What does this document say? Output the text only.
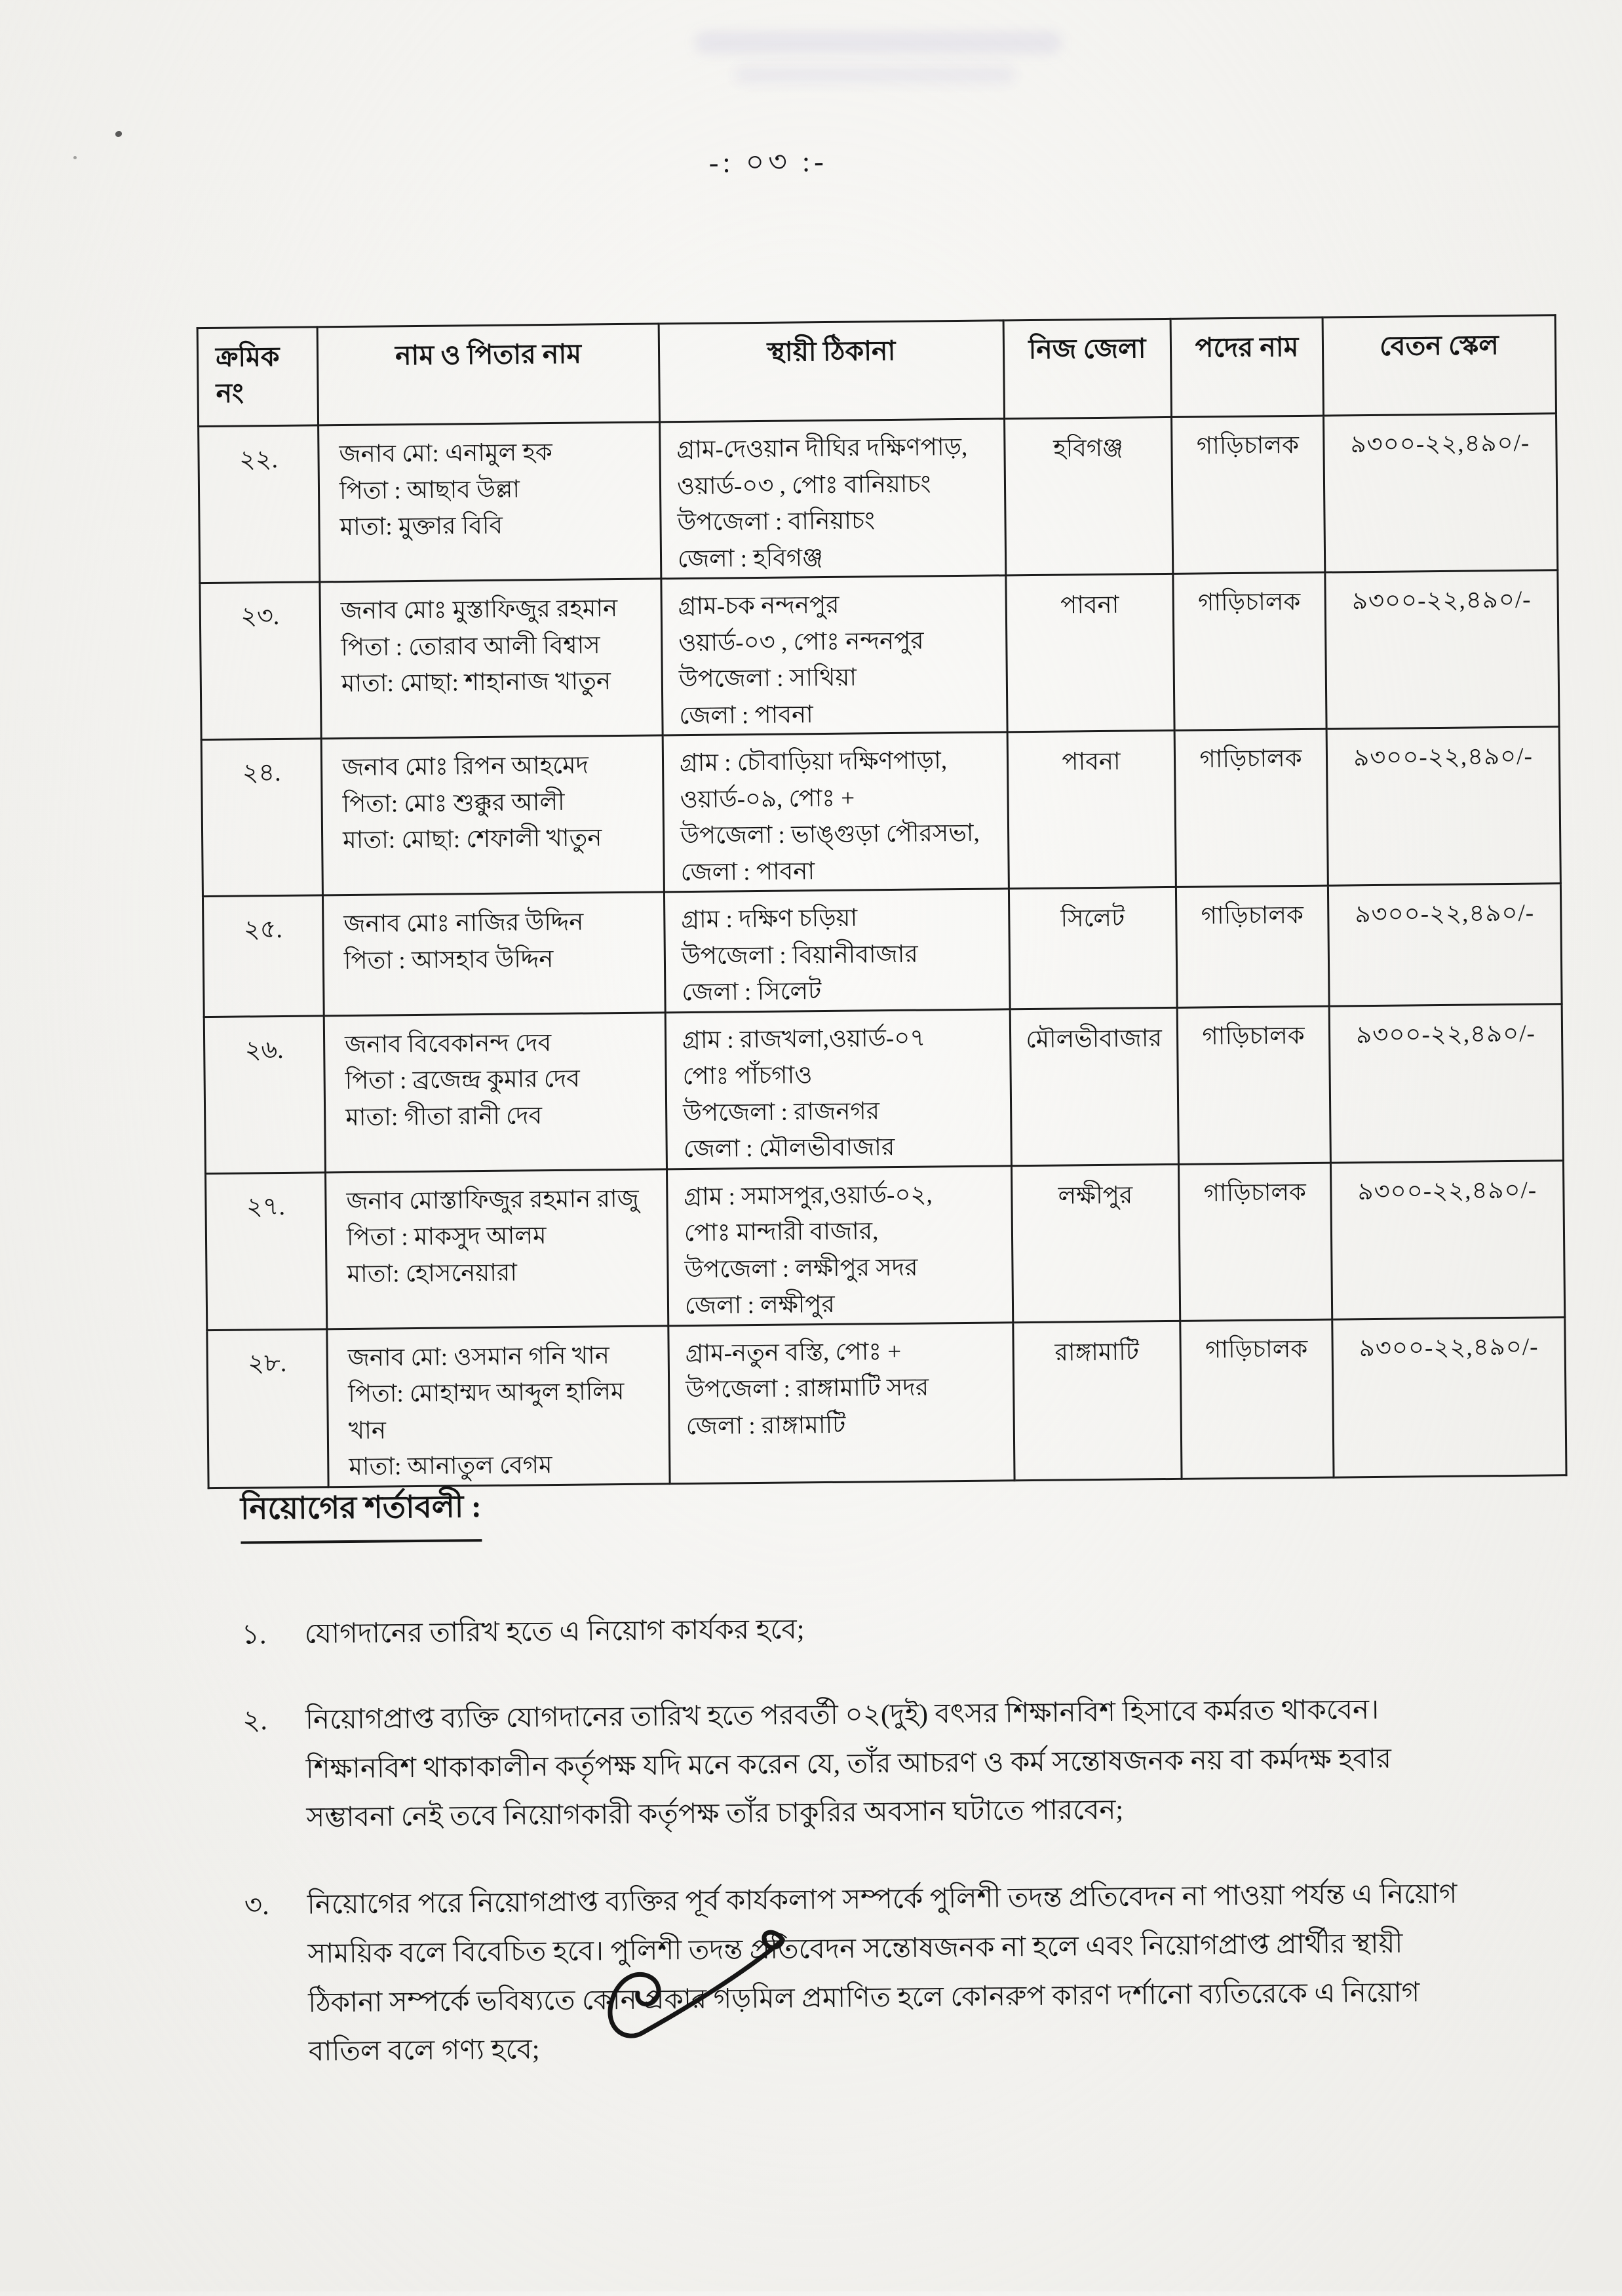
-: ০৩ :-
ক্রমিক
নং	নাম ও পিতার নাম	স্থায়ী ঠিকানা	নিজ জেলা	পদের নাম	বেতন স্কেল
২২.	জনাব মো: এনামুল হক
পিতা : আছাব উল্লা
মাতা: মুক্তার বিবি	গ্রাম-দেওয়ান দীঘির দক্ষিণপাড়,
ওয়ার্ড-০৩ , পোঃ বানিয়াচং
উপজেলা : বানিয়াচং
জেলা : হবিগঞ্জ	হবিগঞ্জ	গাড়িচালক	৯৩০০-২২,৪৯০/-
২৩.	জনাব মোঃ মুস্তাফিজুর রহমান
পিতা : তোরাব আলী বিশ্বাস
মাতা: মোছা: শাহানাজ খাতুন	গ্রাম-চক নন্দনপুর
ওয়ার্ড-০৩ , পোঃ নন্দনপুর
উপজেলা : সাথিয়া
জেলা : পাবনা	পাবনা	গাড়িচালক	৯৩০০-২২,৪৯০/-
২৪.	জনাব মোঃ রিপন আহমেদ
পিতা: মোঃ শুক্কুর আলী
মাতা: মোছা: শেফালী খাতুন	গ্রাম : চৌবাড়িয়া দক্ষিণপাড়া,
ওয়ার্ড-০৯, পোঃ +
উপজেলা : ভাঙ্গুড়া পৌরসভা,
জেলা : পাবনা	পাবনা	গাড়িচালক	৯৩০০-২২,৪৯০/-
২৫.	জনাব মোঃ নাজির উদ্দিন
পিতা : আসহাব উদ্দিন	গ্রাম : দক্ষিণ চড়িয়া
উপজেলা : বিয়ানীবাজার
জেলা : সিলেট	সিলেট	গাড়িচালক	৯৩০০-২২,৪৯০/-
২৬.	জনাব বিবেকানন্দ দেব
পিতা : ব্রজেন্দ্র কুমার দেব
মাতা: গীতা রানী দেব	গ্রাম : রাজখলা,ওয়ার্ড-০৭
পোঃ পাঁচগাও
উপজেলা : রাজনগর
জেলা : মৌলভীবাজার	মৌলভীবাজার	গাড়িচালক	৯৩০০-২২,৪৯০/-
২৭.	জনাব মোস্তাফিজুর রহমান রাজু
পিতা : মাকসুদ আলম
মাতা: হোসনেয়ারা	গ্রাম : সমাসপুর,ওয়ার্ড-০২,
পোঃ মান্দারী বাজার,
উপজেলা : লক্ষীপুর সদর
জেলা : লক্ষীপুর	লক্ষীপুর	গাড়িচালক	৯৩০০-২২,৪৯০/-
২৮.	জনাব মো: ওসমান গনি খান
পিতা: মোহাম্মদ আব্দুল হালিম
খান
মাতা: আনাতুল বেগম	গ্রাম-নতুন বস্তি, পোঃ +
উপজেলা : রাঙ্গামাটি সদর
জেলা : রাঙ্গামাটি	রাঙ্গামাটি	গাড়িচালক	৯৩০০-২২,৪৯০/-
নিয়োগের শর্তাবলী :
১.	যোগদানের তারিখ হতে এ নিয়োগ কার্যকর হবে;
২.	নিয়োগপ্রাপ্ত ব্যক্তি যোগদানের তারিখ হতে পরবর্তী ০২(দুই) বৎসর শিক্ষানবিশ হিসাবে কর্মরত থাকবেন।
শিক্ষানবিশ থাকাকালীন কর্তৃপক্ষ যদি মনে করেন যে, তাঁর আচরণ ও কর্ম সন্তোষজনক নয় বা কর্মদক্ষ হবার
সম্ভাবনা নেই তবে নিয়োগকারী কর্তৃপক্ষ তাঁর চাকুরির অবসান ঘটাতে পারবেন;
৩.	নিয়োগের পরে নিয়োগপ্রাপ্ত ব্যক্তির পূর্ব কার্যকলাপ সম্পর্কে পুলিশী তদন্ত প্রতিবেদন না পাওয়া পর্যন্ত এ নিয়োগ
সাময়িক বলে বিবেচিত হবে। পুলিশী তদন্ত প্রতিবেদন সন্তোষজনক না হলে এবং নিয়োগপ্রাপ্ত প্রার্থীর স্থায়ী
ঠিকানা সম্পর্কে ভবিষ্যতে কোন প্রকার গড়মিল প্রমাণিত হলে কোনরুপ কারণ দর্শানো ব্যতিরেকে এ নিয়োগ
বাতিল বলে গণ্য হবে;
